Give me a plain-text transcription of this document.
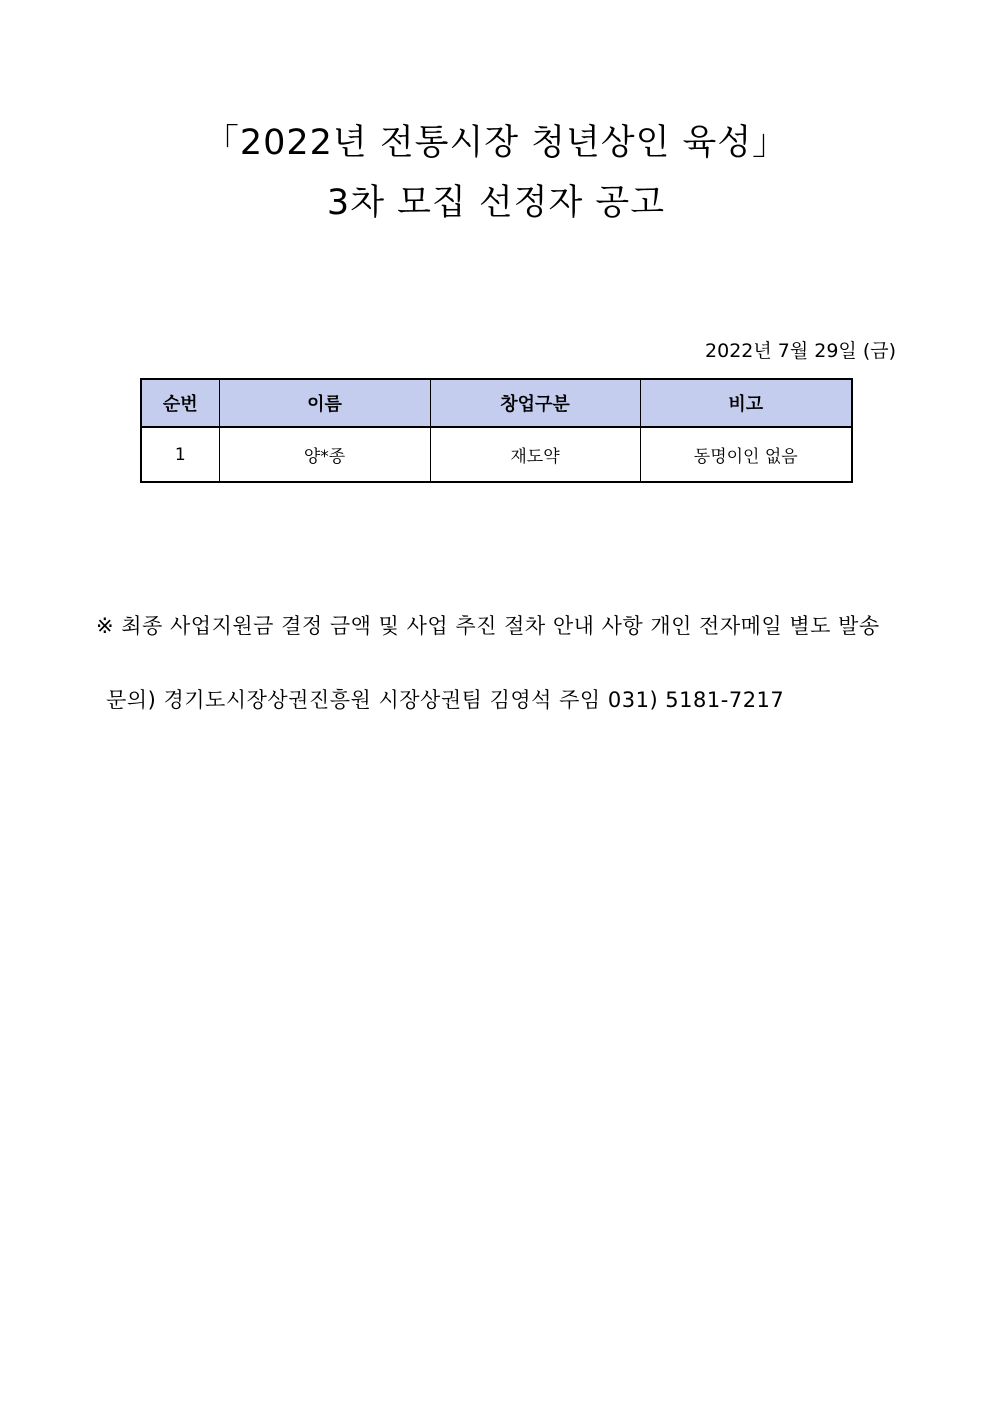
「2022년 전통시장 청년상인 육성」
3차 모집 선정자 공고
2022년 7월 29일 (금)
순번	이름	창업구분	비고
1	양*종	재도약	동명이인 없음
※ 최종 사업지원금 결정 금액 및 사업 추진 절차 안내 사항 개인 전자메일 별도 발송
문의) 경기도시장상권진흥원 시장상권팀 김영석 주임 031) 5181-7217
